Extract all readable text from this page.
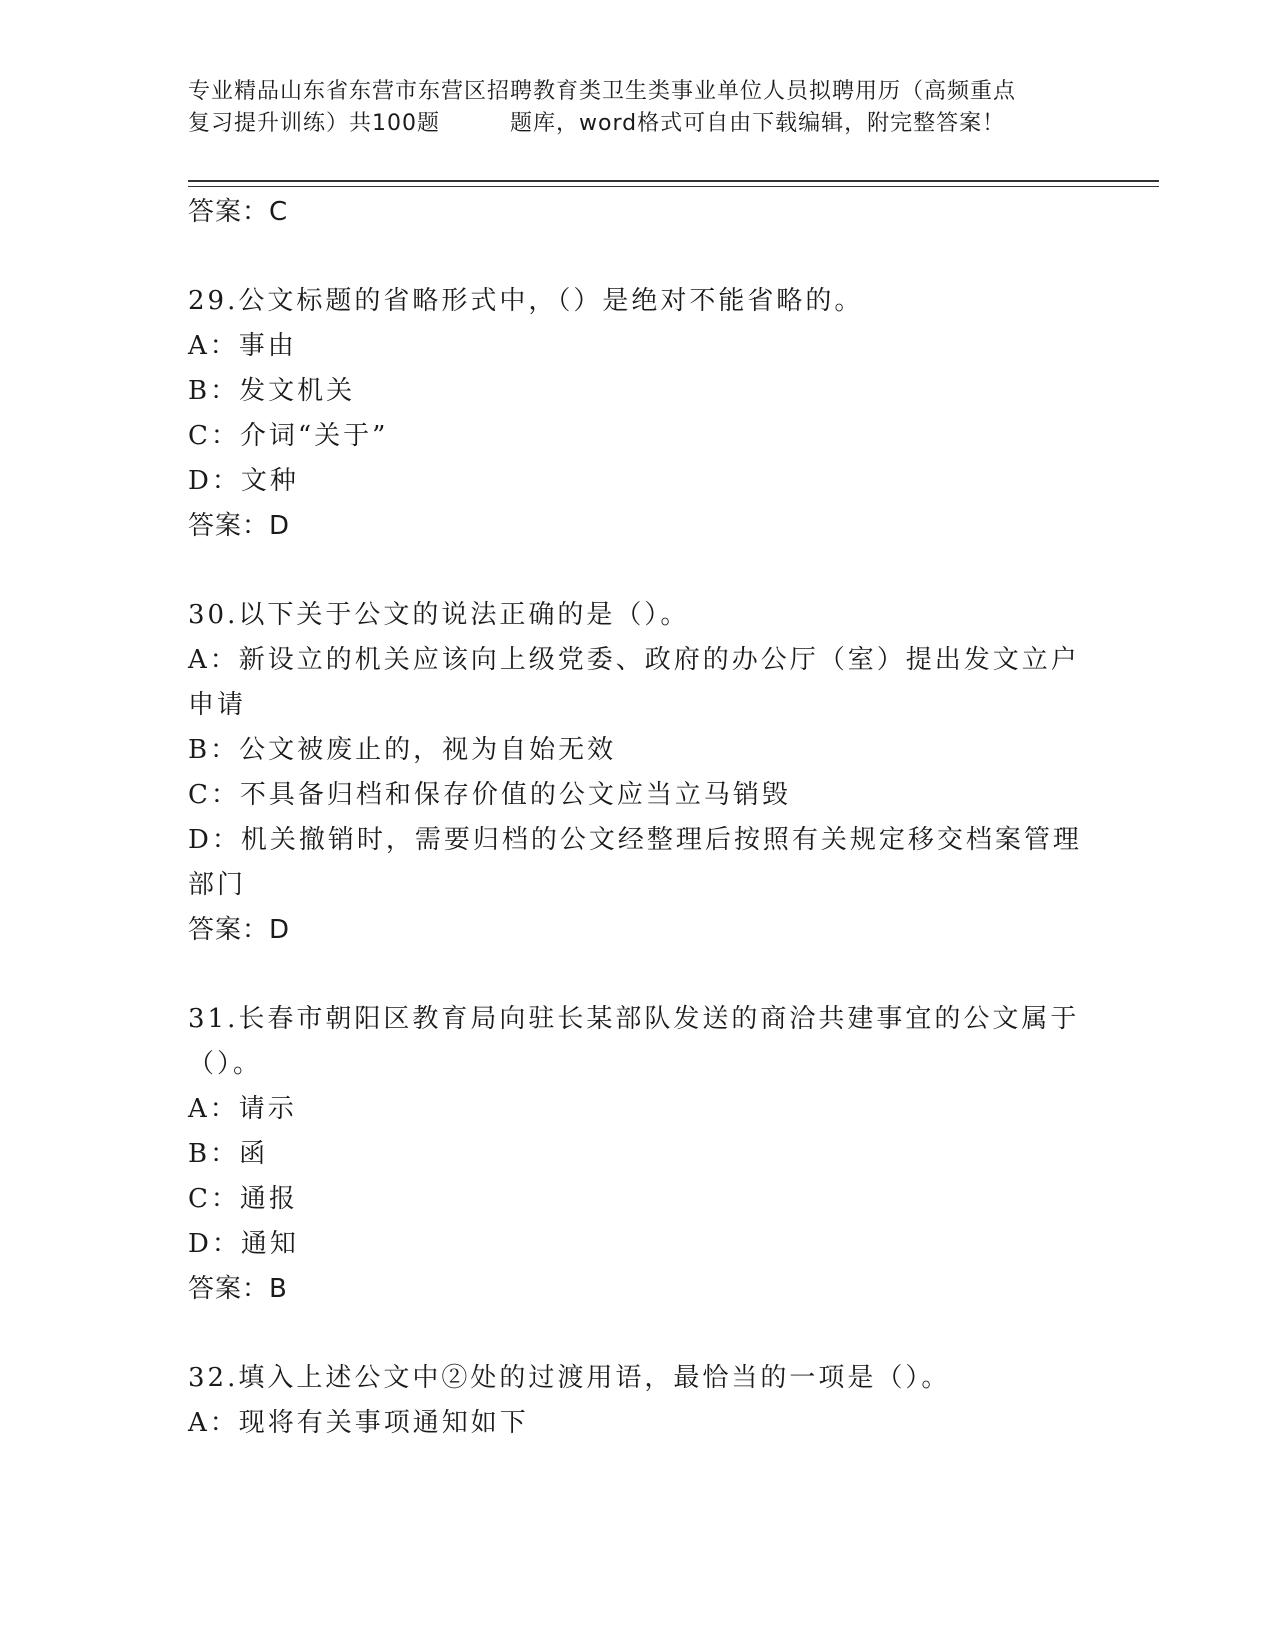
专业精品山东省东营市东营区招聘教育类卫生类事业单位人员拟聘用历（高频重点
复习提升训练）共100题	题库，word格式可自由下载编辑，附完整答案！
答案：C

29.公文标题的省略形式中，（）是绝对不能省略的。

A：事由

B：发文机关

C：介词“关于”

D：文种

答案：D

30.以下关于公文的说法正确的是（）。

A：新设立的机关应该向上级党委、政府的办公厅（室）提出发文立户申请

B：公文被废止的，视为自始无效

C：不具备归档和保存价值的公文应当立马销毁

D：机关撤销时，需要归档的公文经整理后按照有关规定移交档案管理部门

答案：D

31.长春市朝阳区教育局向驻长某部队发送的商洽共建事宜的公文属于（）。

A：请示

B：函

C：通报

D：通知

答案：B

32.填入上述公文中②处的过渡用语，最恰当的一项是（）。

A：现将有关事项通知如下
